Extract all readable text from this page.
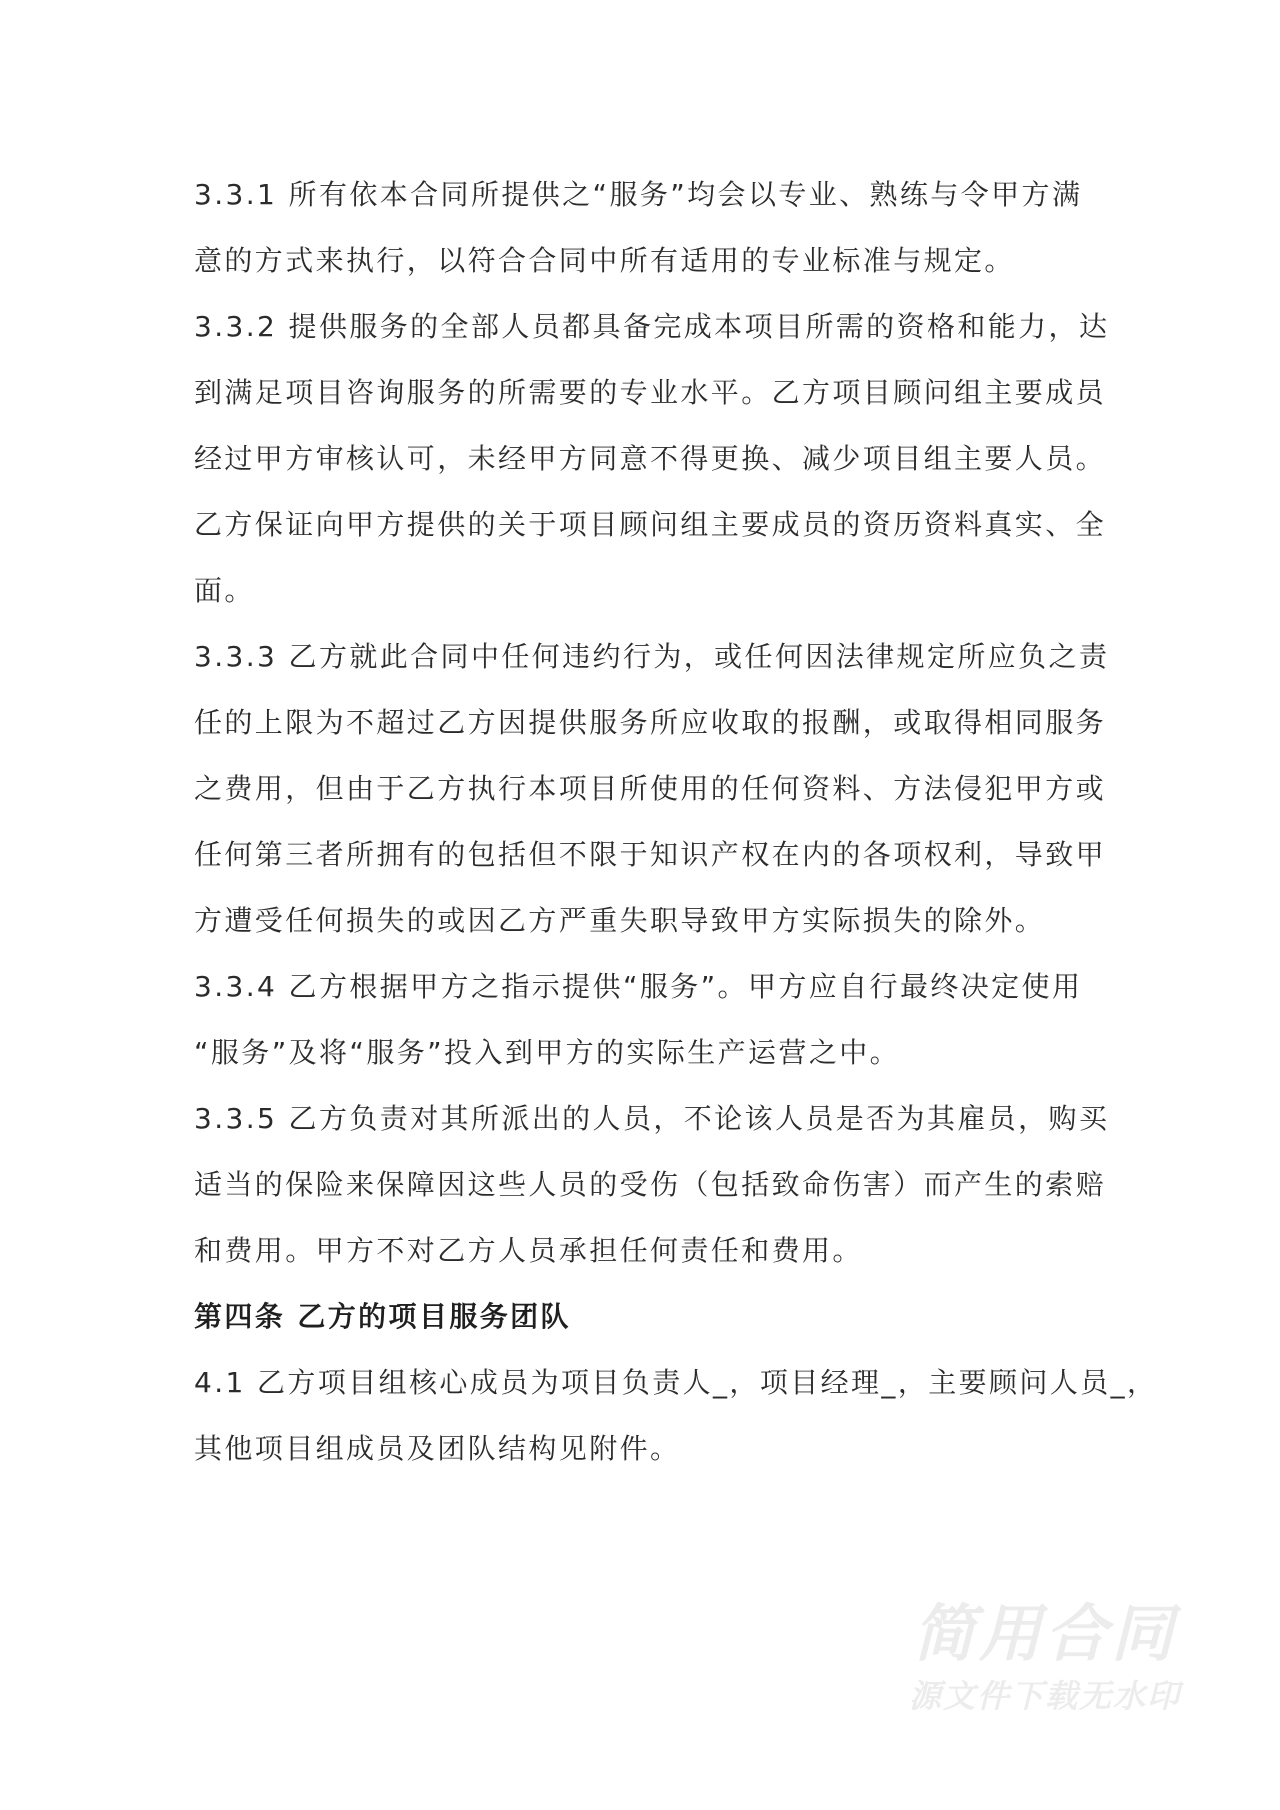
3.3.1 所有依本合同所提供之“服务”均会以专业、熟练与令甲方满
意的方式来执行，以符合合同中所有适用的专业标准与规定。
3.3.2 提供服务的全部人员都具备完成本项目所需的资格和能力，达
到满足项目咨询服务的所需要的专业水平。乙方项目顾问组主要成员
经过甲方审核认可，未经甲方同意不得更换、减少项目组主要人员。
乙方保证向甲方提供的关于项目顾问组主要成员的资历资料真实、全
面。
3.3.3 乙方就此合同中任何违约行为，或任何因法律规定所应负之责
任的上限为不超过乙方因提供服务所应收取的报酬，或取得相同服务
之费用，但由于乙方执行本项目所使用的任何资料、方法侵犯甲方或
任何第三者所拥有的包括但不限于知识产权在内的各项权利，导致甲
方遭受任何损失的或因乙方严重失职导致甲方实际损失的除外。
3.3.4 乙方根据甲方之指示提供“服务”。甲方应自行最终决定使用
“服务”及将“服务”投入到甲方的实际生产运营之中。
3.3.5 乙方负责对其所派出的人员，不论该人员是否为其雇员，购买
适当的保险来保障因这些人员的受伤（包括致命伤害）而产生的索赔
和费用。甲方不对乙方人员承担任何责任和费用。
第四条 乙方的项目服务团队
4.1 乙方项目组核心成员为项目负责人_，项目经理_，主要顾问人员_，
其他项目组成员及团队结构见附件。
简用合同
源文件下载无水印
